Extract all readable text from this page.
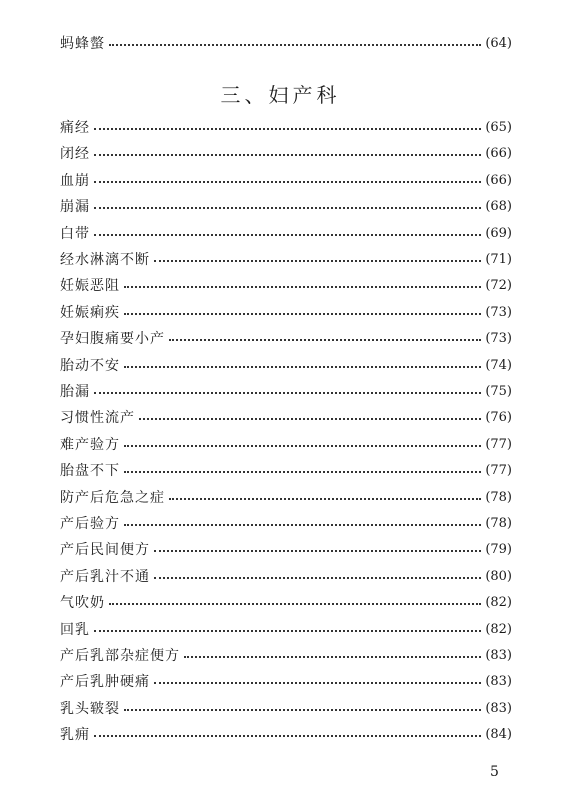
蚂蜂螫	(64)
三、妇产科
痛经	(65)
闭经	(66)
血崩	(66)
崩漏	(68)
白带	(69)
经水淋漓不断	(71)
妊娠恶阻	(72)
妊娠痢疾	(73)
孕妇腹痛要小产	(73)
胎动不安	(74)
胎漏	(75)
习惯性流产	(76)
难产验方	(77)
胎盘不下	(77)
防产后危急之症	(78)
产后验方	(78)
产后民间便方	(79)
产后乳汁不通	(80)
气吹奶	(82)
回乳	(82)
产后乳部杂症便方	(83)
产后乳肿硬痛	(83)
乳头皲裂	(83)
乳痈	(84)
5
